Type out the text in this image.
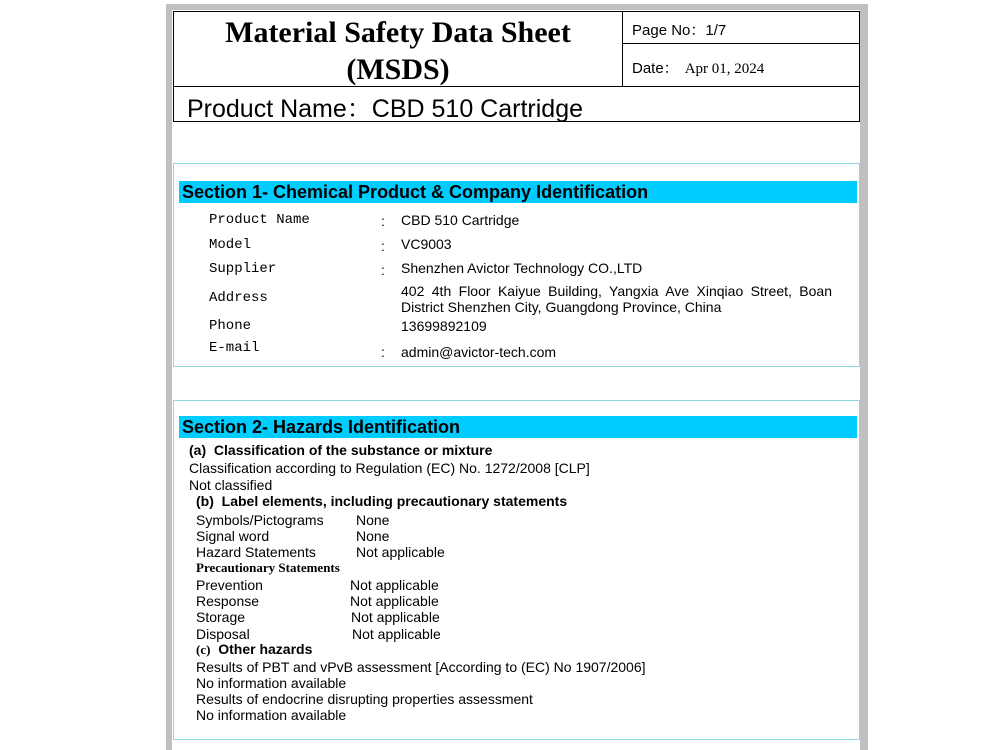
Material Safety Data Sheet
(MSDS)
Page No：1/7
Date： Apr 01, 2024
Product Name：CBD 510 Cartridge
Section 1- Chemical Product & Company Identification
Product Name	: CBD 510 Cartridge
Model	: VC9003
Supplier	: Shenzhen Avictor Technology CO.,LTD
Address	402 4th Floor Kaiyue Building, Yangxia Ave Xinqiao Street, Boan District Shenzhen City, Guangdong Province, China
Phone	13699892109
E-mail	: admin@avictor-tech.com
Section 2- Hazards Identification
(a) Classification of the substance or mixture
Classification according to Regulation (EC) No. 1272/2008 [CLP]
Not classified
(b) Label elements, including precautionary statements
Symbols/Pictograms None
Signal word	None
Hazard Statements	Not applicable
Precautionary Statements
Prevention	Not applicable
Response	Not applicable
Storage	Not applicable
Disposal	Not applicable
(c) Other hazards
Results of PBT and vPvB assessment [According to (EC) No 1907/2006]
No information available
Results of endocrine disrupting properties assessment
No information available
